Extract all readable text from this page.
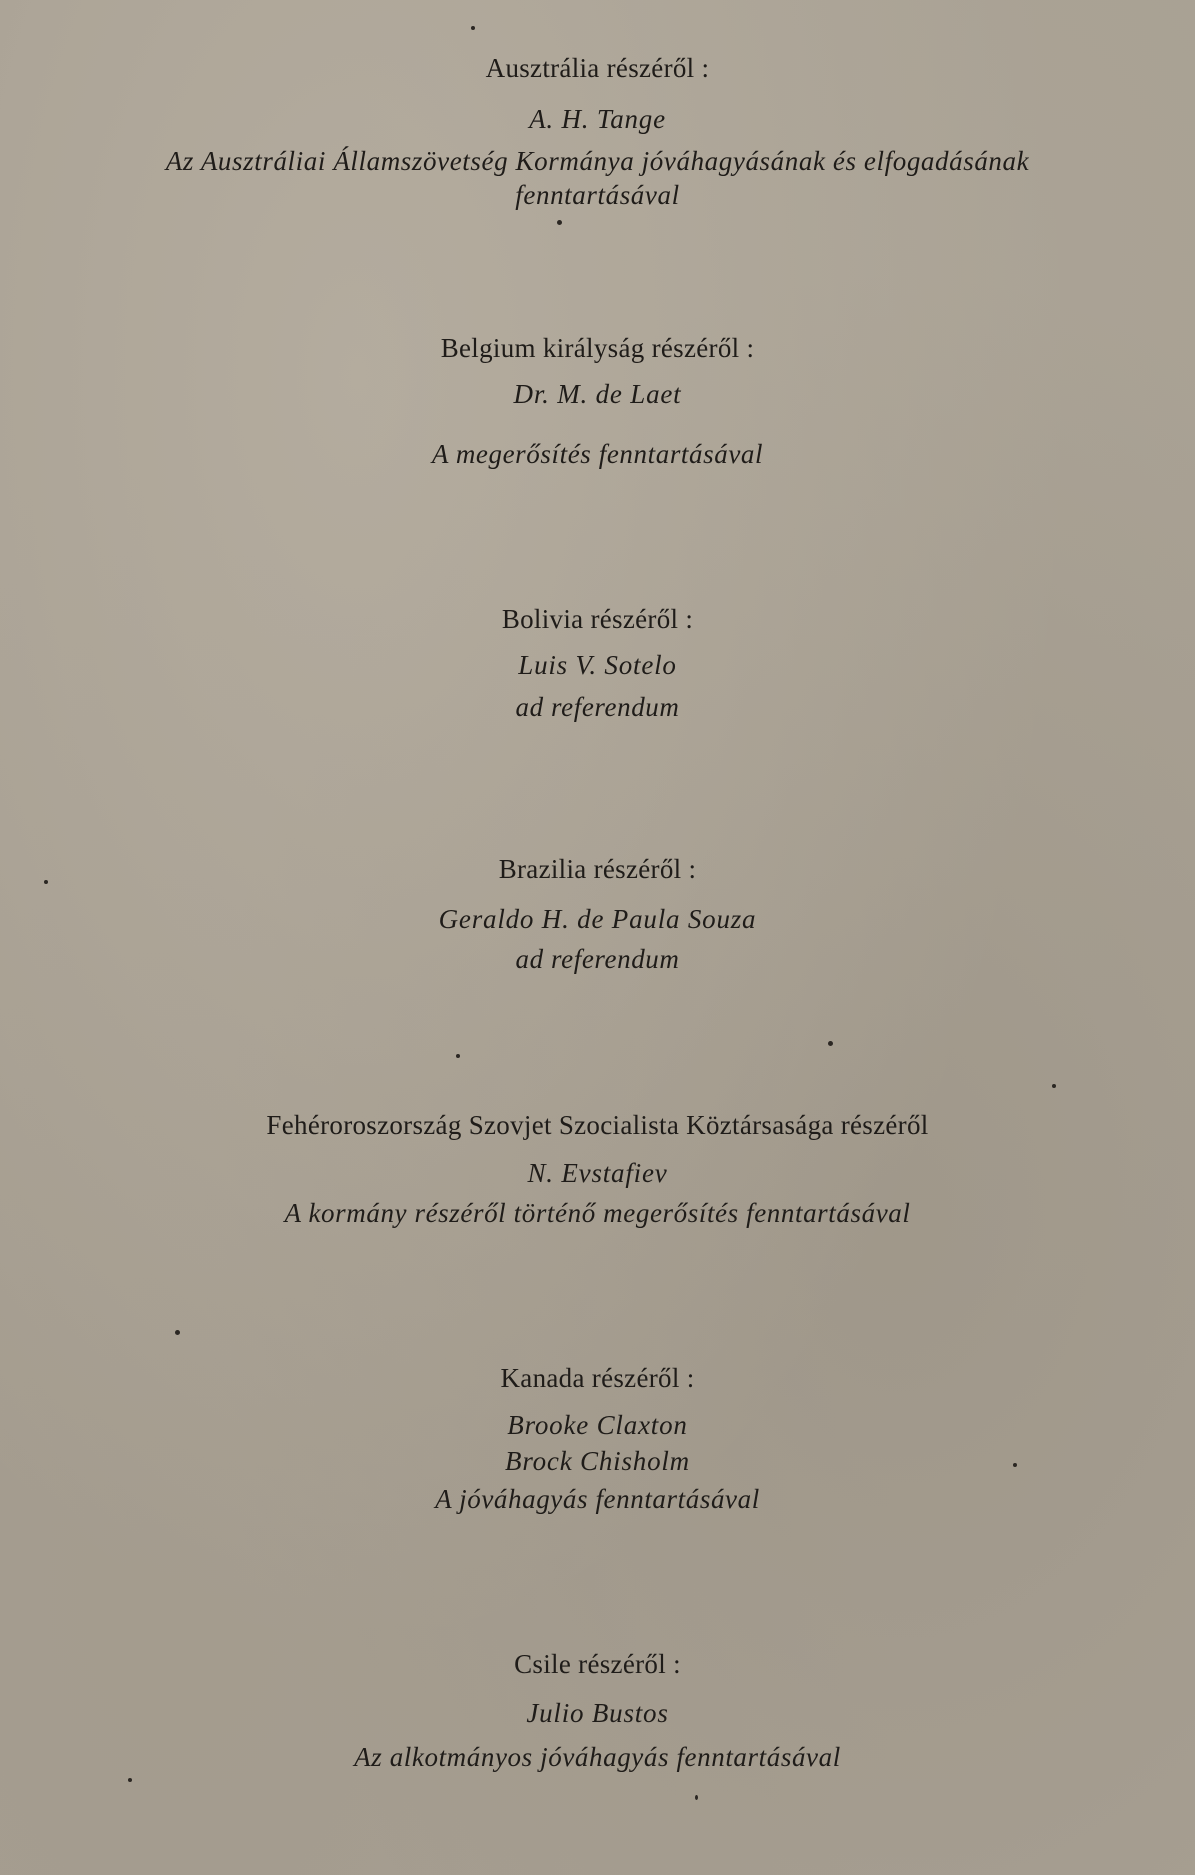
Ausztrália részéről :
A. H. Tange
Az Ausztráliai Államszövetség Kormánya jóváhagyásának és elfogadásának
fenntartásával
Belgium királyság részéről :
Dr. M. de Laet
A megerősítés fenntartásával
Bolivia részéről :
Luis V. Sotelo
ad referendum
Brazilia részéről :
Geraldo H. de Paula Souza
ad referendum
Fehéroroszország Szovjet Szocialista Köztársasága részéről
N. Evstafiev
A kormány részéről történő megerősítés fenntartásával
Kanada részéről :
Brooke Claxton
Brock Chisholm
A jóváhagyás fenntartásával
Csile részéről :
Julio Bustos
Az alkotmányos jóváhagyás fenntartásával
